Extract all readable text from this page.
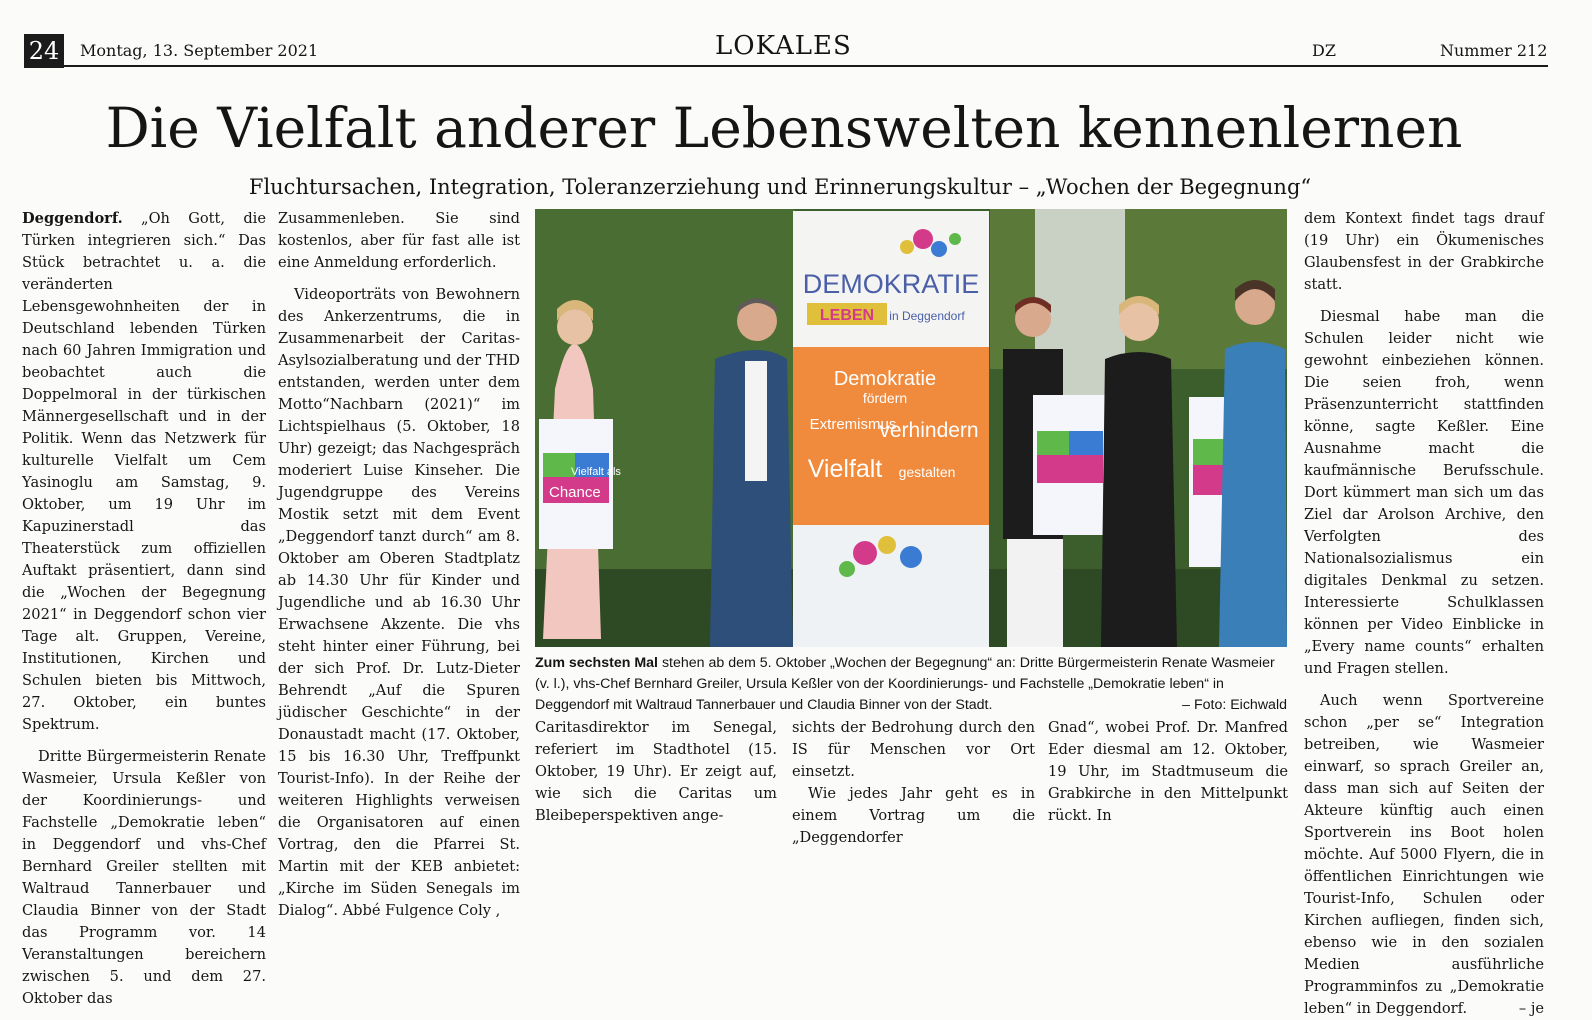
24 Montag, 13. September 2021	LOKALES	DZ	Nummer 212
Die Vielfalt anderer Lebenswelten kennenlernen
Fluchtursachen, Integration, Toleranzerziehung und Erinnerungskultur – „Wochen der Begegnung“

Deggendorf. „Oh Gott, die Türken integrieren sich.“ Das Stück betrachtet u. a. die veränderten Lebensgewohnheiten der in Deutschland lebenden Türken nach 60 Jahren Immigration und beobachtet auch die Doppelmoral in der türkischen Männergesellschaft und in der Politik. Wenn das Netzwerk für kulturelle Vielfalt um Cem Yasinoglu am Samstag, 9. Oktober, um 19 Uhr im Kapuzinerstadl das Theaterstück zum offiziellen Auftakt präsentiert, dann sind die „Wochen der Begegnung 2021“ in Deggendorf schon vier Tage alt. Gruppen, Vereine, Institutionen, Kirchen und Schulen bieten bis Mittwoch, 27. Oktober, ein buntes Spektrum.

Dritte Bürgermeisterin Renate Wasmeier, Ursula Keßler von der Koordinierungs- und Fachstelle „Demokratie leben“ in Deggendorf und vhs-Chef Bernhard Greiler stellten mit Waltraud Tannerbauer und Claudia Binner von der Stadt das Programm vor. 14 Veranstaltungen bereichern zwischen 5. und dem 27. Oktober das

Zusammenleben. Sie sind kostenlos, aber für fast alle ist eine Anmeldung erforderlich.

Videoporträts von Bewohnern des Ankerzentrums, die in Zusammenarbeit der Caritas-Asylsozialberatung und der THD entstanden, werden unter dem Motto“Nachbarn (2021)“ im Lichtspielhaus (5. Oktober, 18 Uhr) gezeigt; das Nachgespräch moderiert Luise Kinseher. Die Jugendgruppe des Vereins Mostik setzt mit dem Event „Deggendorf tanzt durch“ am 8. Oktober am Oberen Stadtplatz ab 14.30 Uhr für Kinder und Jugendliche und ab 16.30 Uhr Erwachsene Akzente. Die vhs steht hinter einer Führung, bei der sich Prof. Dr. Lutz-Dieter Behrendt „Auf die Spuren jüdischer Geschichte“ in der Donaustadt macht (17. Oktober, 15 bis 16.30 Uhr, Treffpunkt Tourist-Info). In der Reihe der weiteren Highlights verweisen die Organisatoren auf einen Vortrag, den die Pfarrei St. Martin mit der KEB anbietet: „Kirche im Süden Senegals im Dialog“. Abbé Fulgence Coly ,

DEMOKRATIE
LEBEN in Deggendorf
Demokratie
fördern
Extremismus
verhindern
Vielfalt gestalten
Vielfalt als
Chance
Zum sechsten Mal stehen ab dem 5. Oktober „Wochen der Begegnung“ an: Dritte Bürgermeisterin Renate Wasmeier (v. l.), vhs-Chef Bernhard Greiler, Ursula Keßler von der Koordinierungs- und Fachstelle „Demokratie leben“ in Deggendorf mit Waltraud Tannerbauer und Claudia Binner von der Stadt.	– Foto: Eichwald

Caritasdirektor im Senegal, referiert im Stadthotel (15. Oktober, 19 Uhr). Er zeigt auf, wie sich die Caritas um Bleibeperspektiven ange-

sichts der Bedrohung durch den IS für Menschen vor Ort einsetzt.

Wie jedes Jahr geht es in einem Vortrag um die „Deggendorfer

Gnad“, wobei Prof. Dr. Manfred Eder diesmal am 12. Oktober, 19 Uhr, im Stadtmuseum die Grabkirche in den Mittelpunkt rückt. In

dem Kontext findet tags drauf (19 Uhr) ein Ökumenisches Glaubensfest in der Grabkirche statt.

Diesmal habe man die Schulen leider nicht wie gewohnt einbeziehen können. Die seien froh, wenn Präsenzunterricht stattfinden könne, sagte Keßler. Eine Ausnahme macht die kaufmännische Berufsschule. Dort kümmert man sich um das Ziel dar Arolson Archive, den Verfolgten des Nationalsozialismus ein digitales Denkmal zu setzen. Interessierte Schulklassen können per Video Einblicke in „Every name counts“ erhalten und Fragen stellen.

Auch wenn Sportvereine schon „per se“ Integration betreiben, wie Wasmeier einwarf, so sprach Greiler an, dass man sich auf Seiten der Akteure künftig auch einen Sportverein ins Boot holen möchte. Auf 5000 Flyern, die in öffentlichen Einrichtungen wie Tourist-Info, Schulen oder Kirchen aufliegen, finden sich, ebenso wie in den sozialen Medien ausführliche Programminfos zu „Demokratie leben“ in Deggendorf.	– je
